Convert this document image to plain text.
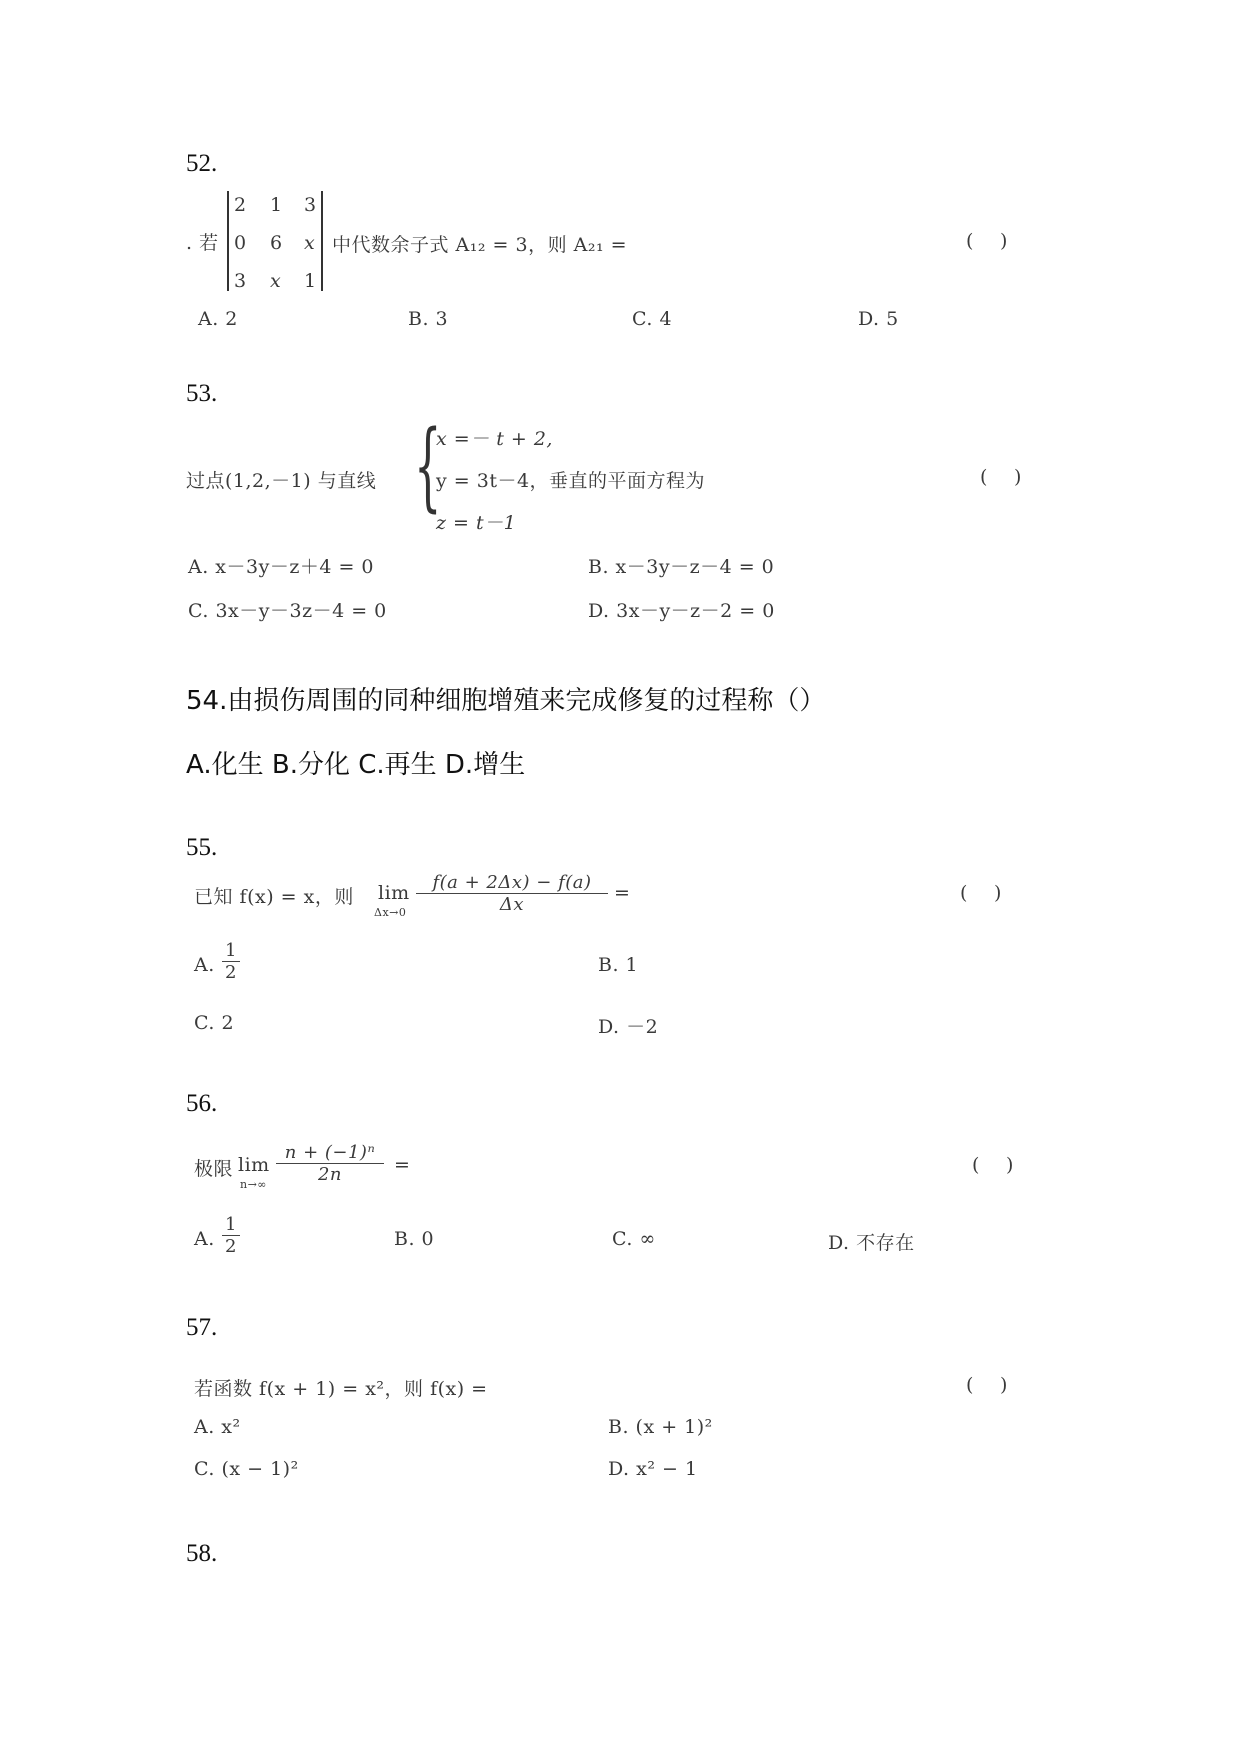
52.
. 若
2 1 3
0 6 x
3 x 1
中代数余子式 A₁₂ = 3，则 A₂₁ =	( )
A. 2	B. 3	C. 4	D. 5
53.
过点(1,2,－1) 与直线 {
x =－ t + 2,
y = 3t－4，垂直的平面方程为
z = t－1
( )
A. x－3y－z＋4 = 0	B. x－3y－z－4 = 0
C. 3x－y－3z－4 = 0	D. 3x－y－z－2 = 0
54.由损伤周围的同种细胞增殖来完成修复的过程称（）
A.化生 B.分化 C.再生 D.增生
55.
已知 f(x) = x，则 lim
Δx→0
f(a + 2Δx) − f(a)
Δx
=	( )
A.
1
2	B. 1
C. 2	D. －2
56.
极限 lim
n→∞
n + (−1)ⁿ
2n	=	( )
A.
1
2	B. 0	C. ∞	D. 不存在
57.
若函数 f(x + 1) = x²，则 f(x) =	( )
A. x²	B. (x + 1)²
C. (x − 1)²	D. x² − 1
58.
